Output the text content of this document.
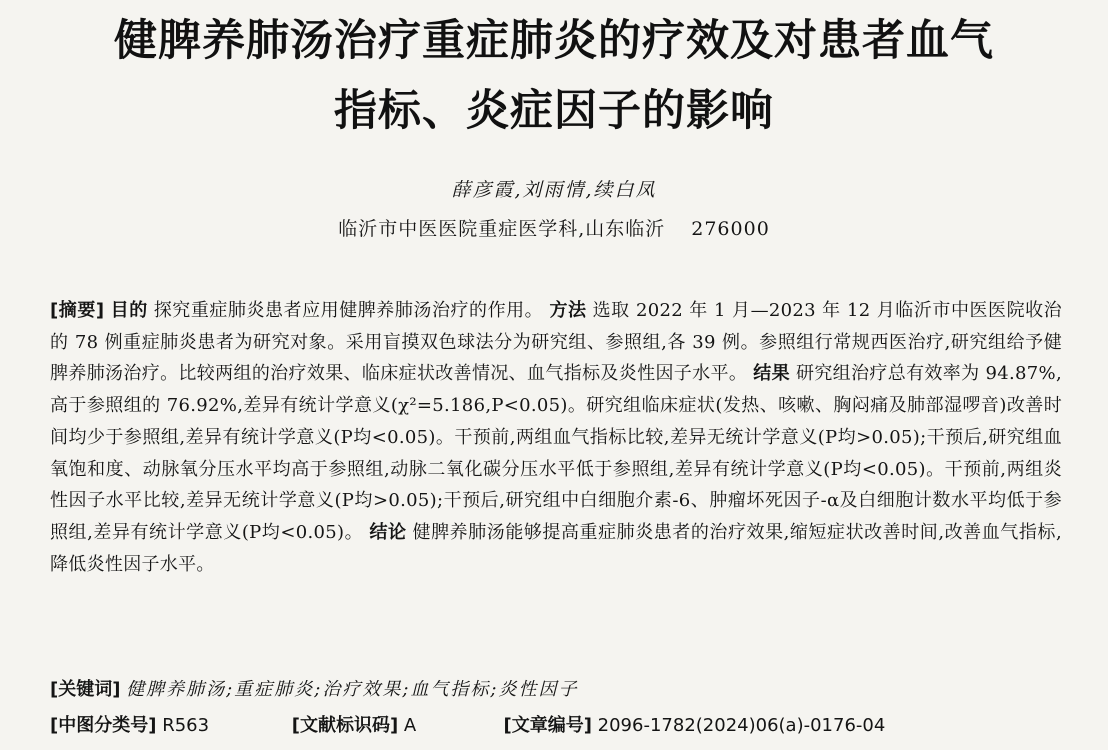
健脾养肺汤治疗重症肺炎的疗效及对患者血气
指标、炎症因子的影响
薛彦霞,刘雨情,续白凤
临沂市中医医院重症医学科,山东临沂 276000
[摘要] 目的 探究重症肺炎患者应用健脾养肺汤治疗的作用。 方法 选取 2022 年 1 月—2023 年 12 月临沂市中医医院收治的 78 例重症肺炎患者为研究对象。采用盲摸双色球法分为研究组、参照组,各 39 例。参照组行常规西医治疗,研究组给予健脾养肺汤治疗。比较两组的治疗效果、临床症状改善情况、血气指标及炎性因子水平。 结果 研究组治疗总有效率为 94.87%,高于参照组的 76.92%,差异有统计学意义(χ²=5.186,P<0.05)。研究组临床症状(发热、咳嗽、胸闷痛及肺部湿啰音)改善时间均少于参照组,差异有统计学意义(P均<0.05)。干预前,两组血气指标比较,差异无统计学意义(P均>0.05);干预后,研究组血氧饱和度、动脉氧分压水平均高于参照组,动脉二氧化碳分压水平低于参照组,差异有统计学意义(P均<0.05)。干预前,两组炎性因子水平比较,差异无统计学意义(P均>0.05);干预后,研究组中白细胞介素-6、肿瘤坏死因子-α及白细胞计数水平均低于参照组,差异有统计学意义(P均<0.05)。 结论 健脾养肺汤能够提高重症肺炎患者的治疗效果,缩短症状改善时间,改善血气指标,降低炎性因子水平。
[关键词] 健脾养肺汤;重症肺炎;治疗效果;血气指标;炎性因子
[中图分类号] R563	[文献标识码] A	[文章编号] 2096-1782(2024)06(a)-0176-04
